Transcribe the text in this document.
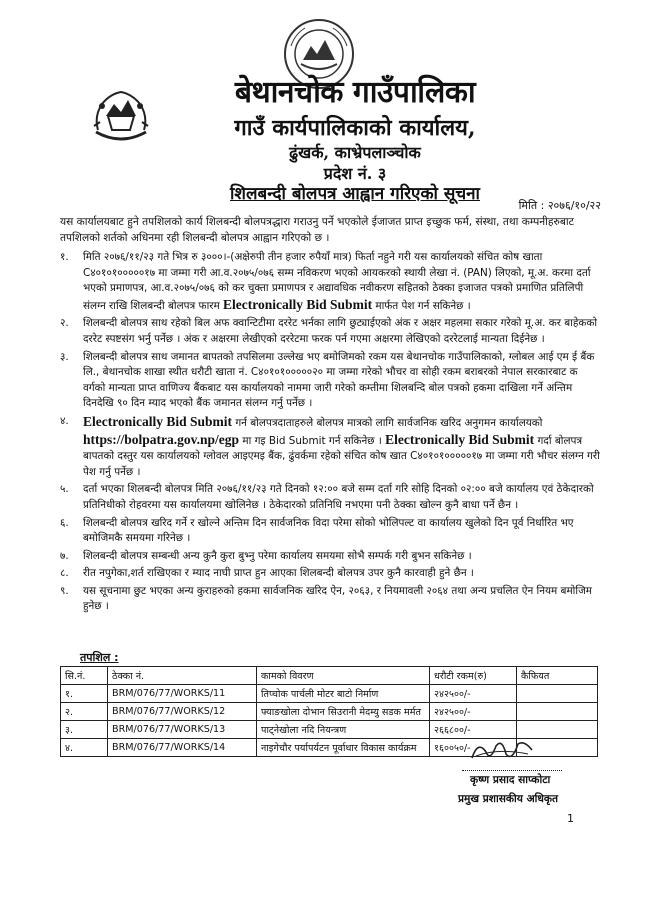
बेथानचोक गाउँपालिका
गाउँ कार्यपालिकाको कार्यालय,
ढुंखर्क, काभ्रेपलाञ्चोक
प्रदेश नं. ३
शिलबन्दी बोलपत्र आह्वान गरिएको सूचना
मिति : २०७६/१०/२२
यस कार्यालयबाट हुने तपशिलको कार्य शिलबन्दी बोलपत्रद्धारा गराउनु पर्ने भएकोले ईजाजत प्राप्त इच्छुक फर्म, संस्था, तथा कम्पनीहरुबाट तपशिलको शर्तको अधिनमा रही शिलबन्दी बोलपत्र आह्वान गरिएको छ ।
१. मिति २०७६/११/२३ गते भित्र रु ३०००।-(अक्षेरुपी तीन हजार रुपैयाँ मात्र) फिर्ता नहुने गरी यस कार्यालयको संचित कोष खाता C४०१०१०००००१७ मा जम्मा गरी आ.व.२०७५/०७६ सम्म नविकरण भएको आयकरको स्थायी लेखा नं. (PAN) लिएको, मू.अ. करमा दर्ता भएको प्रमाणपत्र, आ.व.२०७५/०७६ को कर चुक्ता प्रमाणपत्र र अद्यावधिक नवीकरण सहितको ठेक्का इजाजत पत्रको प्रमाणित प्रतिलिपी संलग्न राखि शिलबन्दी बोलपत्र फारम Electronically Bid Submit मार्फत पेश गर्न सकिनेछ ।
२. शिलबन्दी बोलपत्र साथ रहेको बिल अफ क्वान्टिटीमा दररेट भर्नका लागि छुट्याईएको अंक र अक्षर महलमा सकार गरेको मू.अ. कर बाहेकको दररेट स्पष्टसंग भर्नु पर्नेछ । अंक र अक्षरमा लेखीएको दररेटमा फरक पर्न गएमा अक्षरमा लेखिएको दररेटलाई मान्यता दिईनेछ ।
३. शिलबन्दी बोलपत्र साथ जमानत बापतको तपसिलमा उल्लेख भए बमोजिमको रकम यस बेथानचोक गाउँपालिकाको, ग्लोबल आई एम ई बैंक लि., बेथानचोक शाखा स्थीत धरौटी खाता नं. C४०१०१०००००२० मा जम्मा गरेको भौचर वा सोही रकम बराबरको नेपाल सरकारबाट क वर्गको मान्यता प्राप्त वाणिज्य बैंकबाट यस कार्यालयको नाममा जारी गरेको कम्तीमा शिलबन्दि बोल पत्रको हकमा दाखिला गर्ने अन्तिम दिनदेखि ९० दिन म्याद भएको बैंक जमानत संलग्न गर्नु पर्नेछ ।
४. Electronically Bid Submit गर्न बोलपत्रदाताहरुले बोलपत्र मात्रको लागि सार्वजनिक खरिद अनुगमन कार्यालयको https://bolpatra.gov.np/egp मा गइ Bid Submit गर्न सकिनेछ । Electronically Bid Submit गर्दा बोलपत्र बापतको दस्तुर यस कार्यालयको ग्लोवल आइएमइ बैंक, ढुंवर्कमा रहेको संचित कोष खात C४०१०१०००००१७ मा जम्मा गरी भौचर संलग्न गरी पेश गर्नु पर्नेछ ।
५. दर्ता भएका शिलबन्दी बोलपत्र मिति २०७६/११/२३ गते दिनको १२:०० बजे सम्म दर्ता गरि सोहि दिनको ०२:०० बजे कार्यालय एवं ठेकेदारको प्रतिनिधीको रोहवरमा यस कार्यालयमा खोलिनेछ । ठेकेदारको प्रतिनिधि नभएमा पनी ठेक्का खोल्न कुनै बाधा पर्ने छैन ।
६. शिलबन्दी बोलपत्र खरिद गर्ने र खोल्ने अन्तिम दिन सार्वजनिक विदा परेमा सोको भोलिपल्ट वा कार्यालय खुलेको दिन पूर्व निर्धारित भए बमोजिमकै समयमा गरिनेछ ।
७. शिलबन्दी बोलपत्र सम्बन्धी अन्य कुनै कुरा बुभ्नु परेमा कार्यालय समयमा सोभै सम्पर्क गरी बुभन सकिनेछ ।
८. रीत नपुगेका,शर्त राखिएका र म्याद नाघी प्राप्त हुन आएका शिलबन्दी बोलपत्र उपर कुनै कारवाही हुने छैन ।
९. यस सूचनामा छुट भएका अन्य कुराहरुको हकमा सार्वजनिक खरिद ऐन, २०६३, र नियमावली २०६४ तथा अन्य प्रचलित ऐन नियम बमोजिम हुनेछ ।
तपशिल :
सि.नं.	ठेक्का नं.	कामको विवरण	धरौटी रकम(रु)	कैफियत
१.	BRM/076/77/WORKS/11	तिप्चोक पार्चली मोटर बाटो निर्माण	२४२५००/-	
२.	BRM/076/77/WORKS/12	फ्याङखोला दोभान सिउरानी मेदम्यु सडक मर्मत	२४२५००/-	
३.	BRM/076/77/WORKS/13	पाट्नेखोला नदि नियन्त्रण	२६६८००/-	
४.	BRM/076/77/WORKS/14	नाइगेचौर पर्यापर्यटन पूर्वाधार विकास कार्यक्रम	१६००५०/-	
कृष्ण प्रसाद साप्कोटा
प्रमुख प्रशासकीय अधिकृत
1
